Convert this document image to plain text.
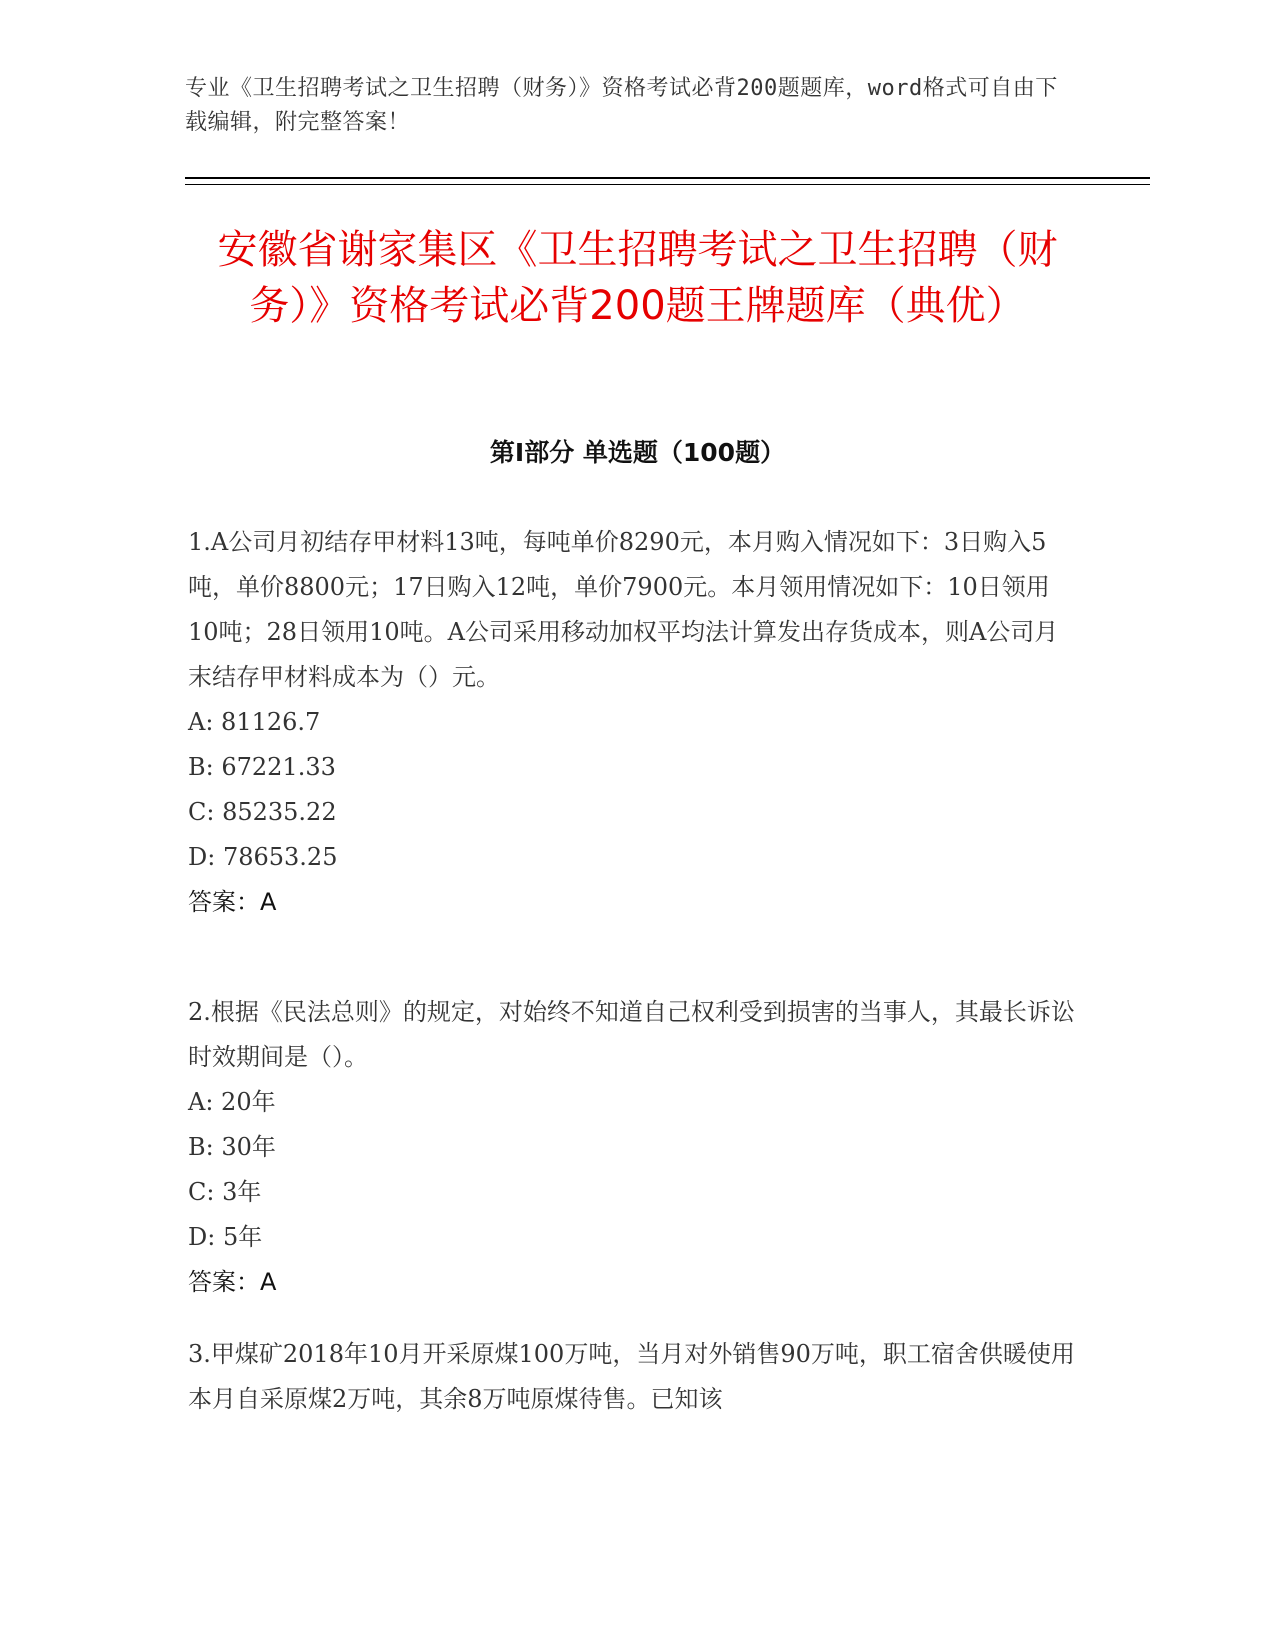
专业《卫生招聘考试之卫生招聘（财务）》资格考试必背200题题库，word格式可自由下载编辑，附完整答案！
安徽省谢家集区《卫生招聘考试之卫生招聘（财务）》资格考试必背200题王牌题库（典优）
第I部分 单选题（100题）

1.A公司月初结存甲材料13吨，每吨单价8290元，本月购入情况如下：3日购入5吨，单价8800元；17日购入12吨，单价7900元。本月领用情况如下：10日领用10吨；28日领用10吨。A公司采用移动加权平均法计算发出存货成本，则A公司月末结存甲材料成本为（）元。

A: 81126.7

B: 67221.33

C: 85235.22

D: 78653.25

答案：A

2.根据《民法总则》的规定，对始终不知道自己权利受到损害的当事人，其最长诉讼时效期间是（）。

A: 20年

B: 30年

C: 3年

D: 5年

答案：A

3.甲煤矿2018年10月开采原煤100万吨，当月对外销售90万吨，职工宿舍供暖使用本月自采原煤2万吨，其余8万吨原煤待售。已知该
